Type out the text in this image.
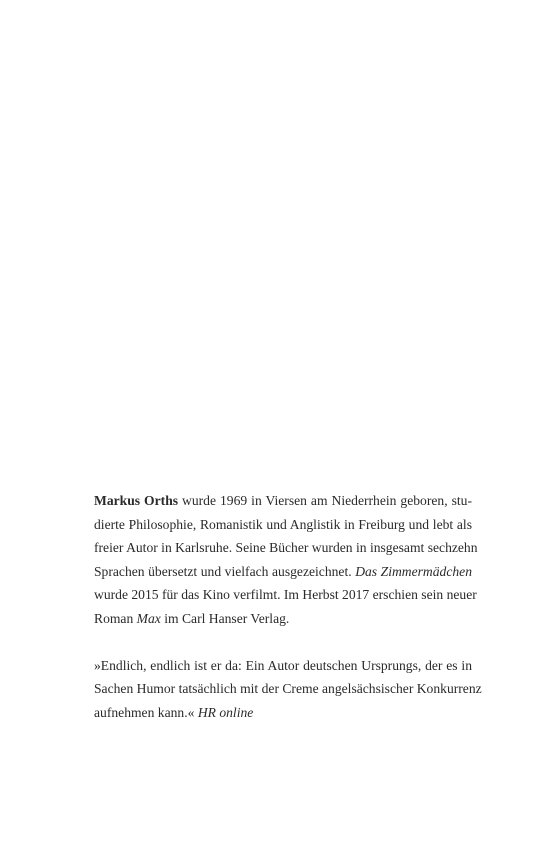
Markus Orths wurde 1969 in Viersen am Niederrhein geboren, stu-
dierte Philosophie, Romanistik und Anglistik in Freiburg und lebt als
freier Autor in Karlsruhe. Seine Bücher wurden in insgesamt sechzehn
Sprachen übersetzt und vielfach ausgezeichnet. Das Zimmermädchen
wurde 2015 für das Kino verfilmt. Im Herbst 2017 erschien sein neuer
Roman Max im Carl Hanser Verlag.

»Endlich, endlich ist er da: Ein Autor deutschen Ursprungs, der es in
Sachen Humor tatsächlich mit der Creme angelsächsischer Konkurrenz
aufnehmen kann.« HR online
